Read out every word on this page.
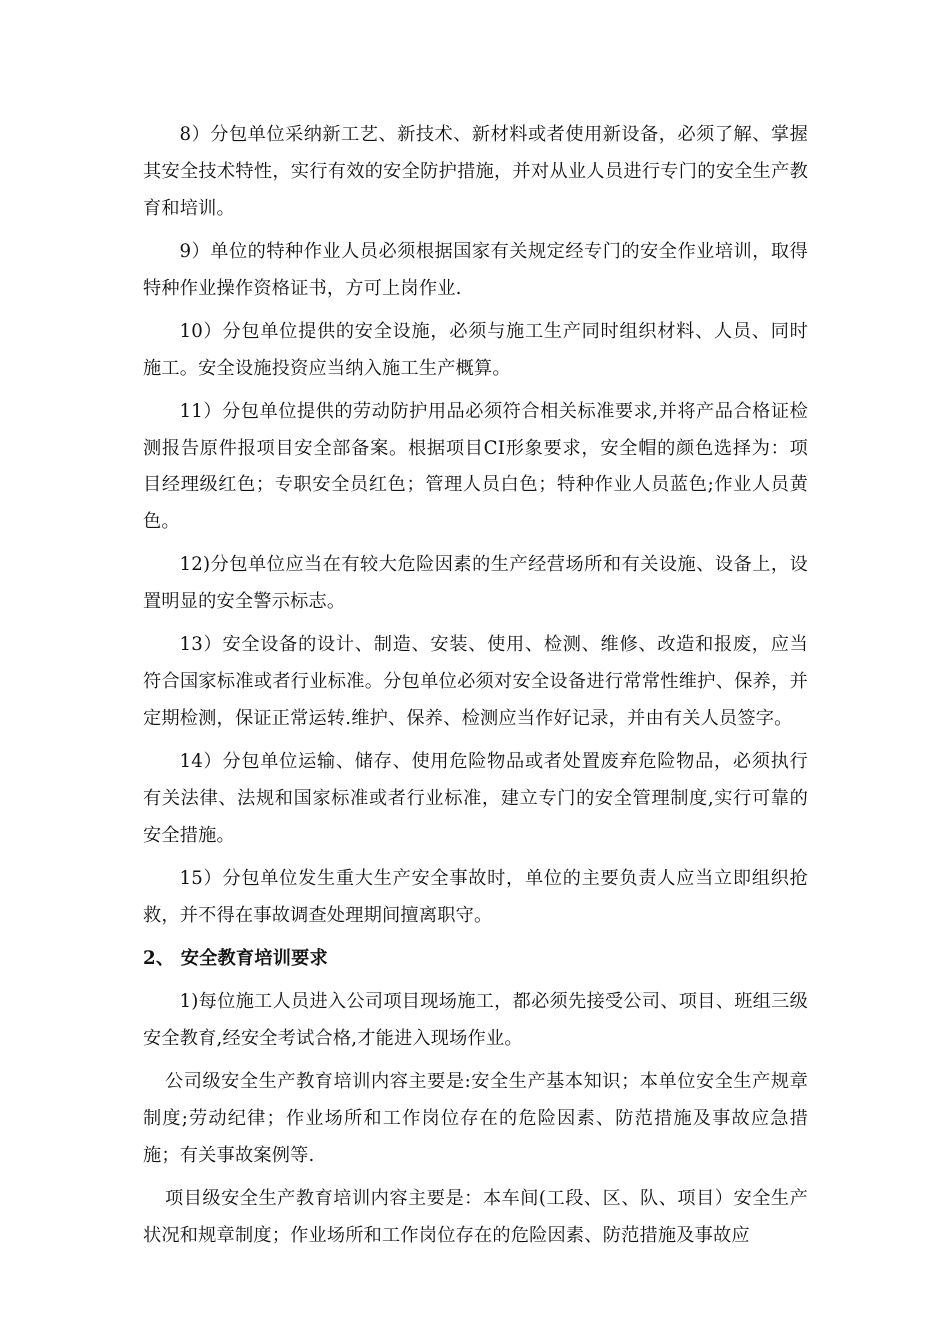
8）分包单位采纳新工艺、新技术、新材料或者使用新设备，必须了解、掌握其安全技术特性，实行有效的安全防护措施，并对从业人员进行专门的安全生产教育和培训。

9）单位的特种作业人员必须根据国家有关规定经专门的安全作业培训，取得特种作业操作资格证书，方可上岗作业.

10）分包单位提供的安全设施，必须与施工生产同时组织材料、人员、同时施工。安全设施投资应当纳入施工生产概算。

11）分包单位提供的劳动防护用品必须符合相关标准要求,并将产品合格证检测报告原件报项目安全部备案。根据项目CI形象要求，安全帽的颜色选择为：项目经理级红色；专职安全员红色；管理人员白色；特种作业人员蓝色;作业人员黄色。

12)分包单位应当在有较大危险因素的生产经营场所和有关设施、设备上，设置明显的安全警示标志。

13）安全设备的设计、制造、安装、使用、检测、维修、改造和报废，应当符合国家标准或者行业标准。分包单位必须对安全设备进行常常性维护、保养，并定期检测，保证正常运转.维护、保养、检测应当作好记录，并由有关人员签字。

14）分包单位运输、储存、使用危险物品或者处置废弃危险物品，必须执行有关法律、法规和国家标准或者行业标准，建立专门的安全管理制度,实行可靠的安全措施。

15）分包单位发生重大生产安全事故时，单位的主要负责人应当立即组织抢救，并不得在事故调查处理期间擅离职守。

2、 安全教育培训要求

1)每位施工人员进入公司项目现场施工，都必须先接受公司、项目、班组三级安全教育,经安全考试合格,才能进入现场作业。

公司级安全生产教育培训内容主要是:安全生产基本知识；本单位安全生产规章制度;劳动纪律；作业场所和工作岗位存在的危险因素、防范措施及事故应急措施；有关事故案例等.

项目级安全生产教育培训内容主要是：本车间(工段、区、队、项目）安全生产状况和规章制度；作业场所和工作岗位存在的危险因素、防范措施及事故应
